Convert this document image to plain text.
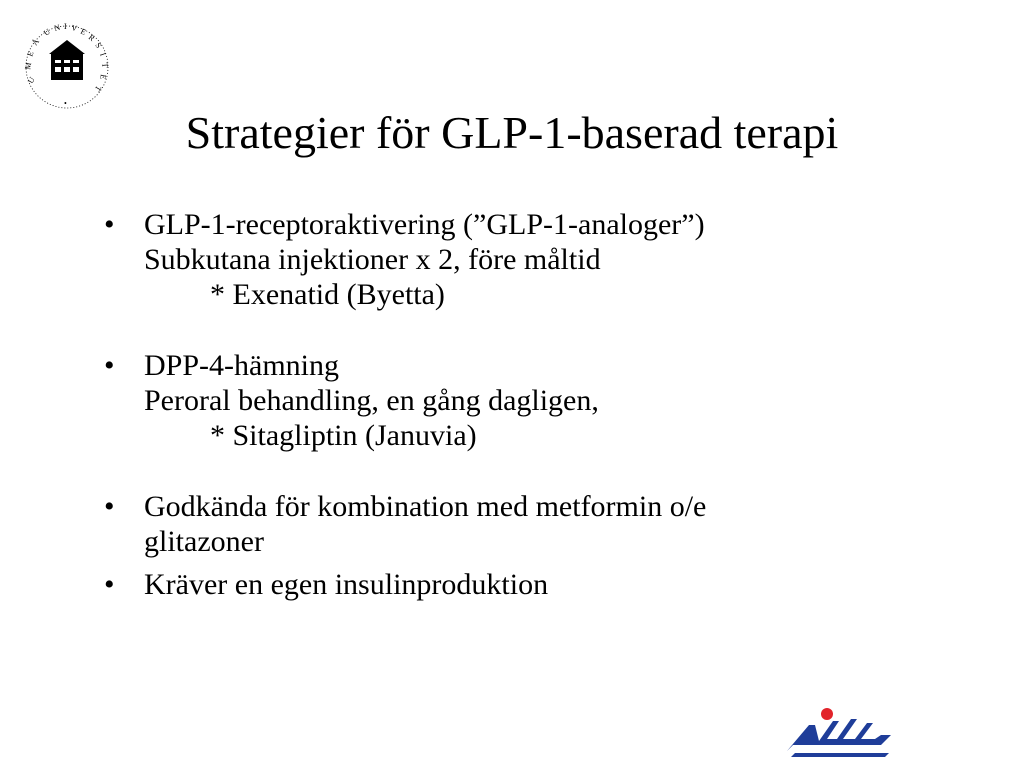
U
M
E
Å
U N I V E
R
S
I
T
E
T
•
Strategier för GLP-1-baserad terapi
• GLP-1-receptoraktivering (”GLP-1-analoger”)
Subkutana injektioner x 2, före måltid
* Exenatid (Byetta)
• DPP-4-hämning
Peroral behandling, en gång dagligen,
* Sitagliptin (Januvia)
• Godkända för kombination med metformin o/e
glitazoner
• Kräver en egen insulinproduktion
